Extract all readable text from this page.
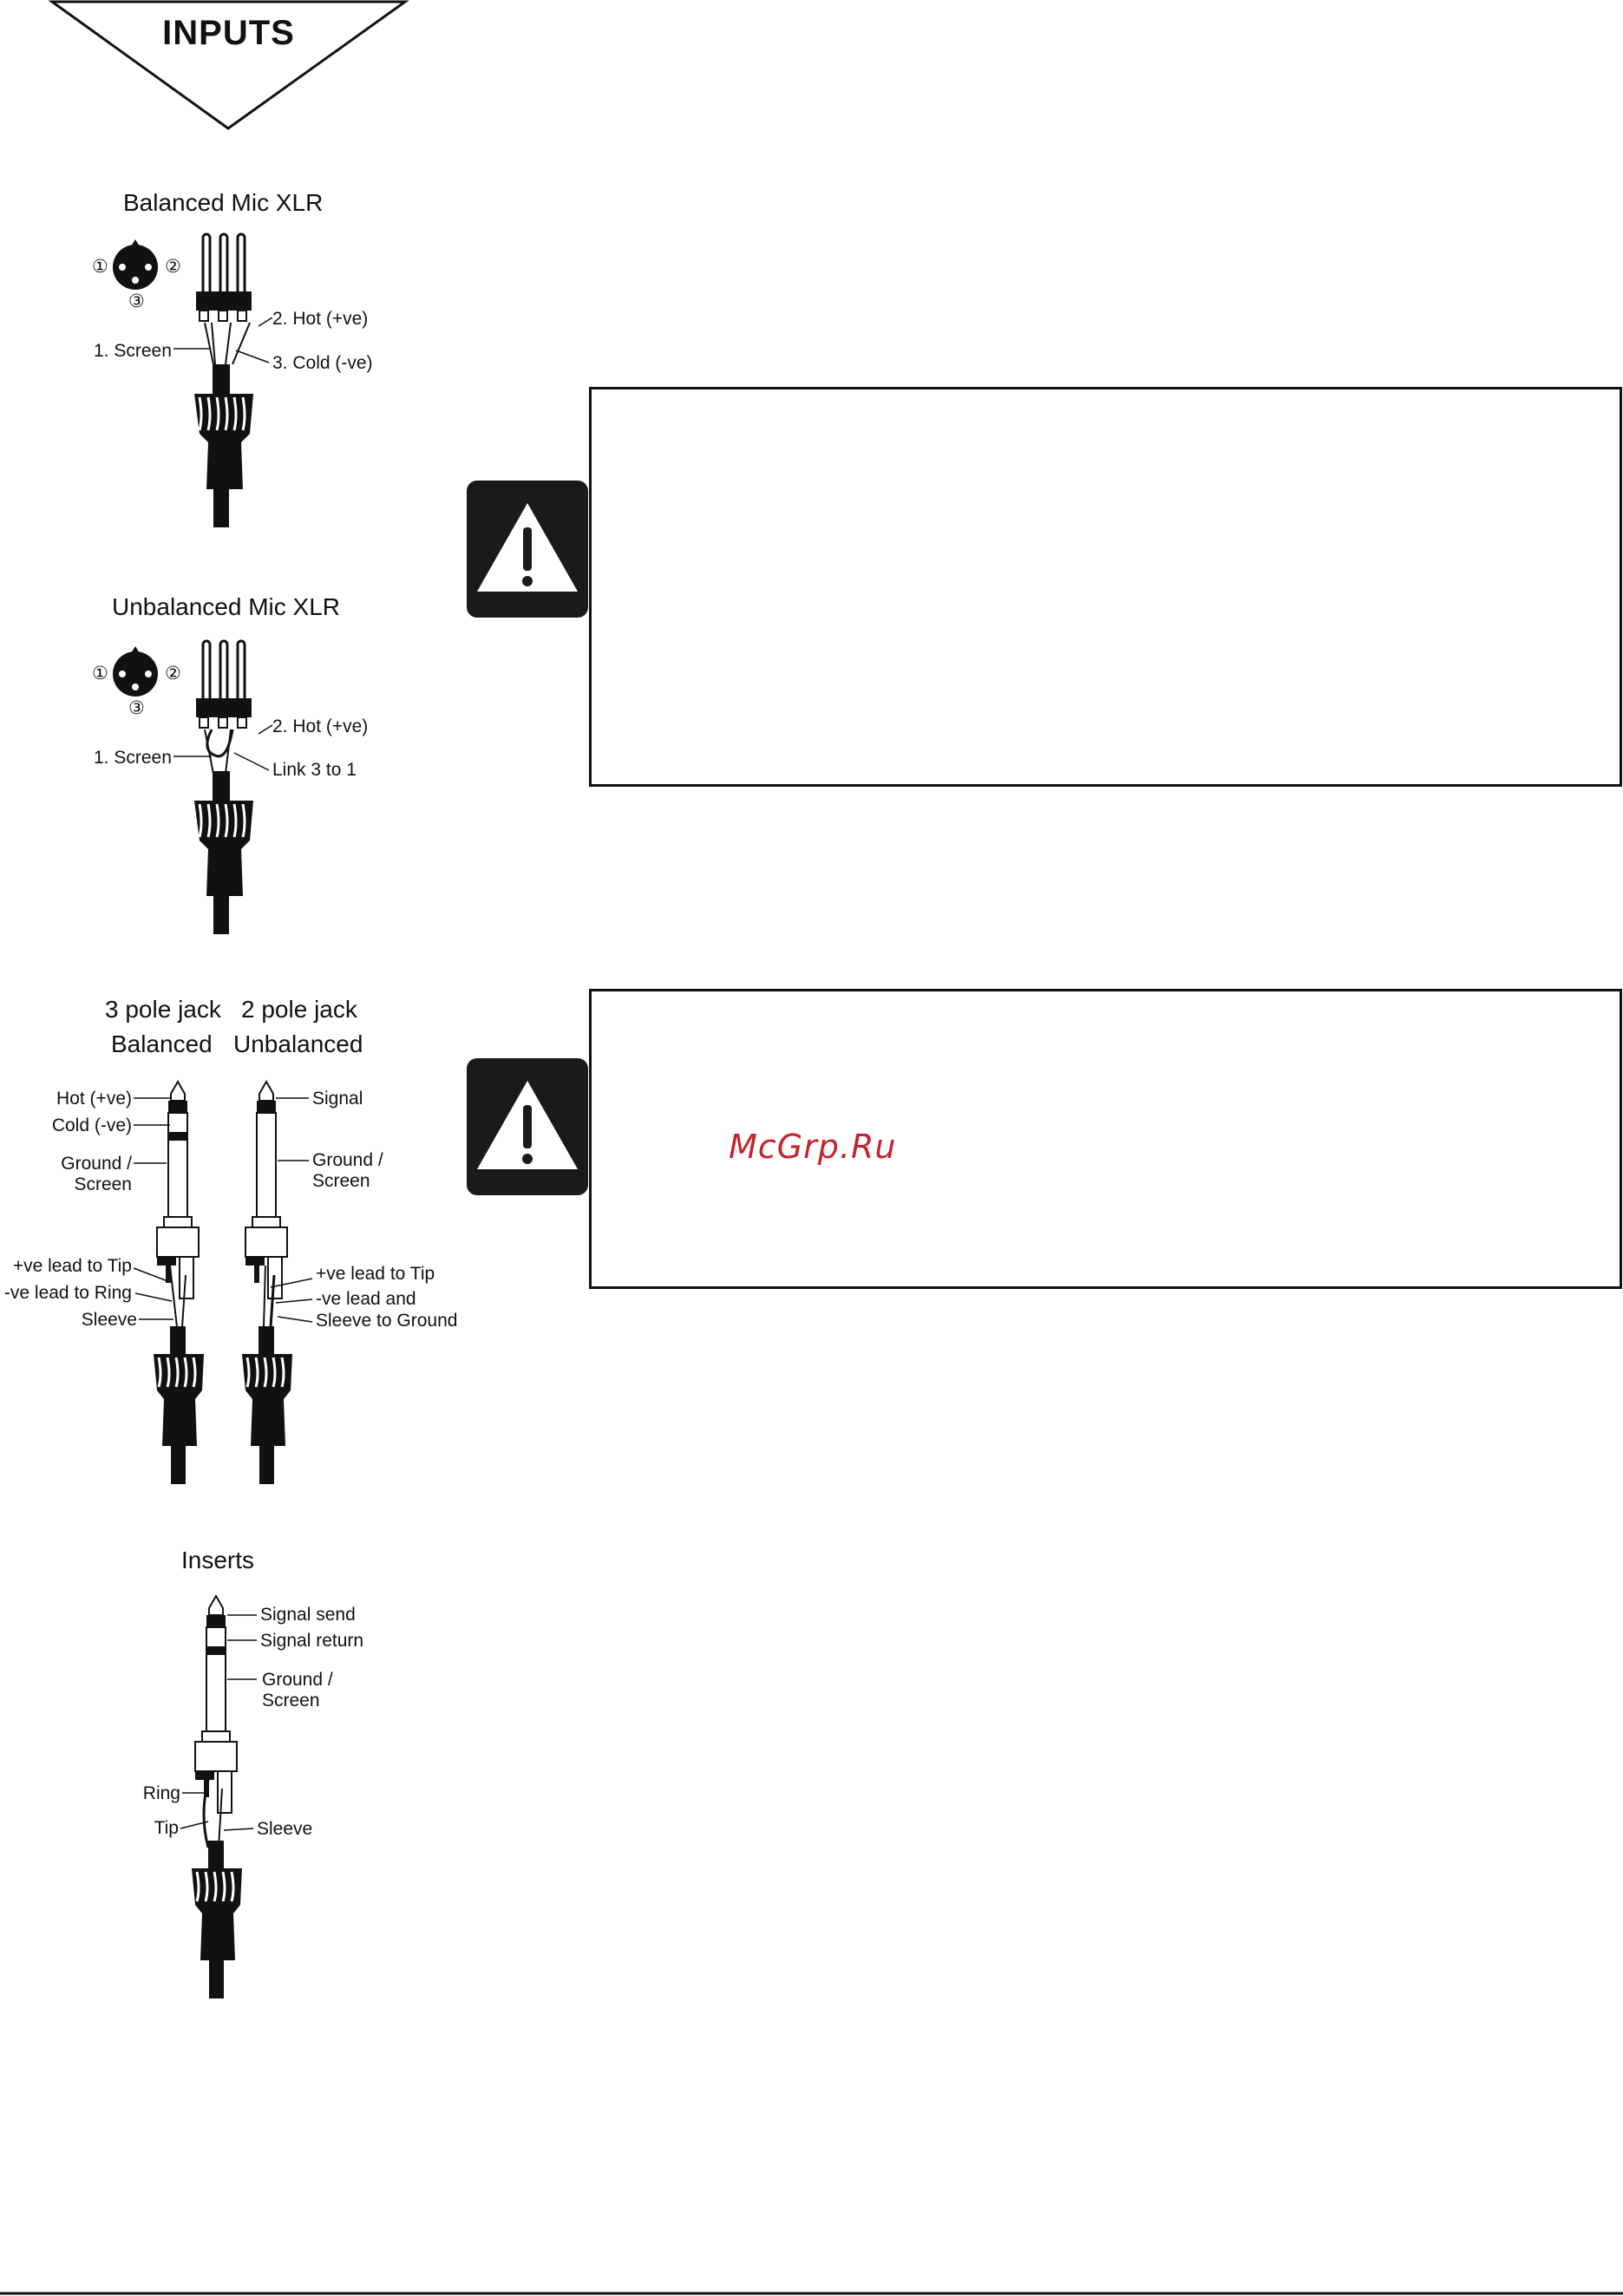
INPUTS
Balanced Mic XLR
①	②
③
2. Hot (+ve)
1. Screen
3. Cold (-ve)
Unbalanced Mic XLR
①	②
③
2. Hot (+ve)
1. Screen
Link 3 to 1
3 pole jack
Balanced
2 pole jack
Unbalanced
Hot (+ve)
Cold (-ve)
Ground /
Screen
+ve lead to Tip
-ve lead to Ring
Sleeve
Signal
Ground /
Screen
+ve lead to Tip
-ve lead and
Sleeve to Ground
Inserts
Signal send
Signal return
Ground /
Screen
Ring
Tip	Sleeve
McGrp.Ru
